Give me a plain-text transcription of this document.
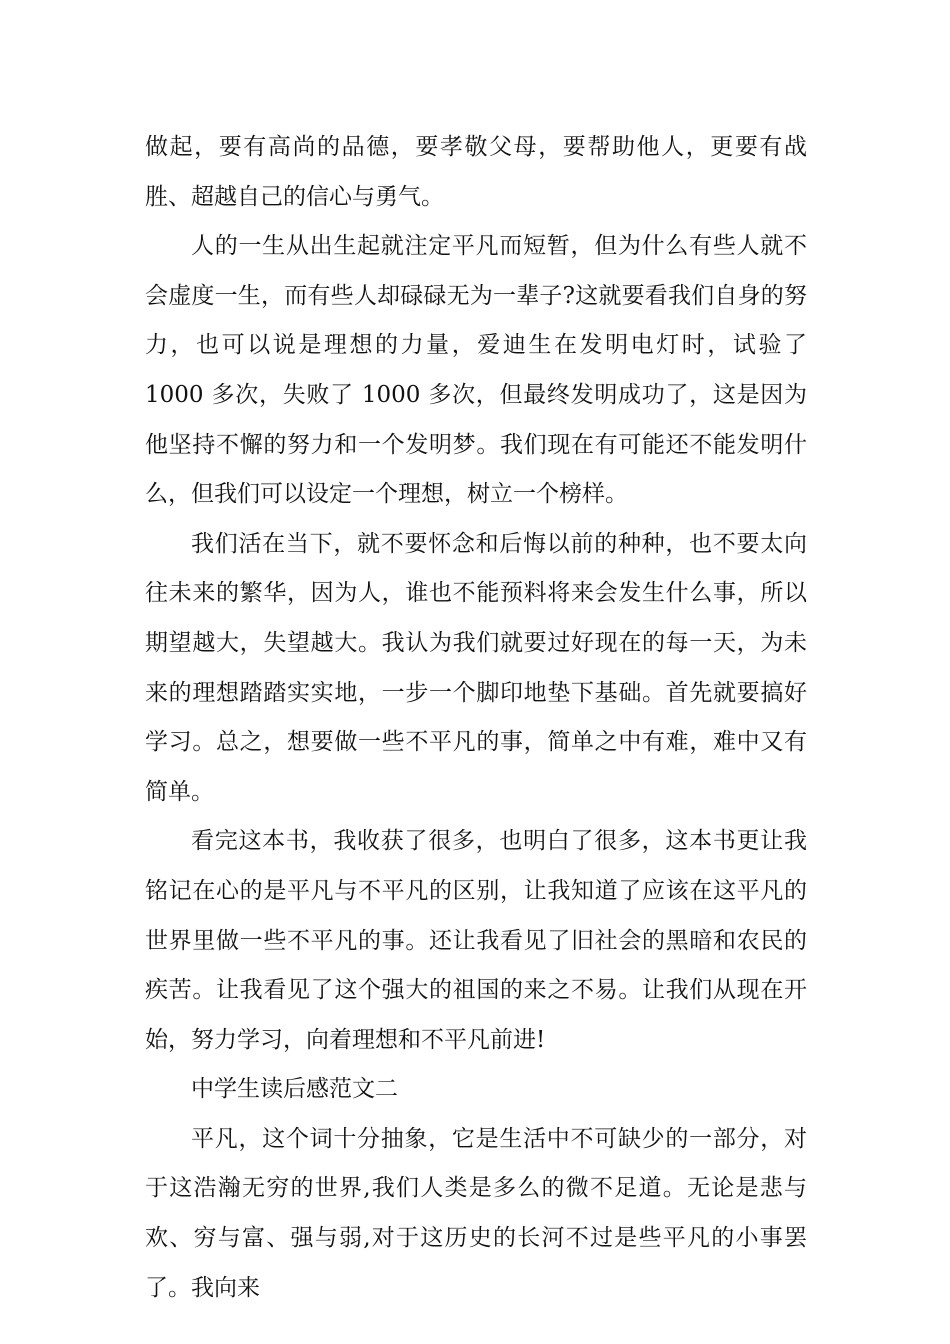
做起，要有高尚的品德，要孝敬父母，要帮助他人，更要有战胜、超越自己的信心与勇气。

人的一生从出生起就注定平凡而短暂，但为什么有些人就不会虚度一生，而有些人却碌碌无为一辈子?这就要看我们自身的努力，也可以说是理想的力量，爱迪生在发明电灯时，试验了 1000 多次，失败了 1000 多次，但最终发明成功了，这是因为他坚持不懈的努力和一个发明梦。我们现在有可能还不能发明什么，但我们可以设定一个理想，树立一个榜样。

我们活在当下，就不要怀念和后悔以前的种种，也不要太向往未来的繁华，因为人，谁也不能预料将来会发生什么事，所以期望越大，失望越大。我认为我们就要过好现在的每一天，为未来的理想踏踏实实地，一步一个脚印地垫下基础。首先就要搞好学习。总之，想要做一些不平凡的事，简单之中有难，难中又有简单。

看完这本书，我收获了很多，也明白了很多，这本书更让我铭记在心的是平凡与不平凡的区别，让我知道了应该在这平凡的世界里做一些不平凡的事。还让我看见了旧社会的黑暗和农民的疾苦。让我看见了这个强大的祖国的来之不易。让我们从现在开始，努力学习，向着理想和不平凡前进!

中学生读后感范文二

平凡，这个词十分抽象，它是生活中不可缺少的一部分，对于这浩瀚无穷的世界,我们人类是多么的微不足道。无论是悲与欢、穷与富、强与弱,对于这历史的长河不过是些平凡的小事罢了。我向来
